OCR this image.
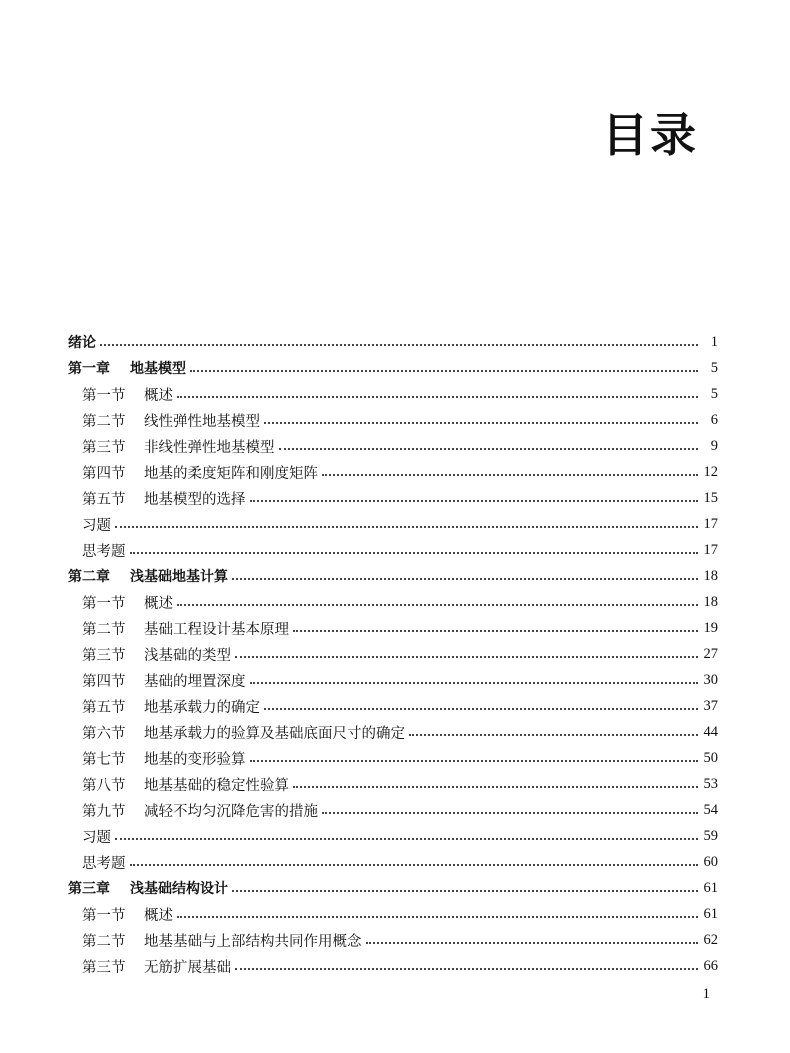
目录
绪论	1
第一章 地基模型	5
第一节 概述	5
第二节 线性弹性地基模型	6
第三节 非线性弹性地基模型	9
第四节 地基的柔度矩阵和刚度矩阵	12
第五节 地基模型的选择	15
习题	17
思考题	17
第二章 浅基础地基计算	18
第一节 概述	18
第二节 基础工程设计基本原理	19
第三节 浅基础的类型	27
第四节 基础的埋置深度	30
第五节 地基承载力的确定	37
第六节 地基承载力的验算及基础底面尺寸的确定	44
第七节 地基的变形验算	50
第八节 地基基础的稳定性验算	53
第九节 减轻不均匀沉降危害的措施	54
习题	59
思考题	60
第三章 浅基础结构设计	61
第一节 概述	61
第二节 地基基础与上部结构共同作用概念	62
第三节 无筋扩展基础	66
1
